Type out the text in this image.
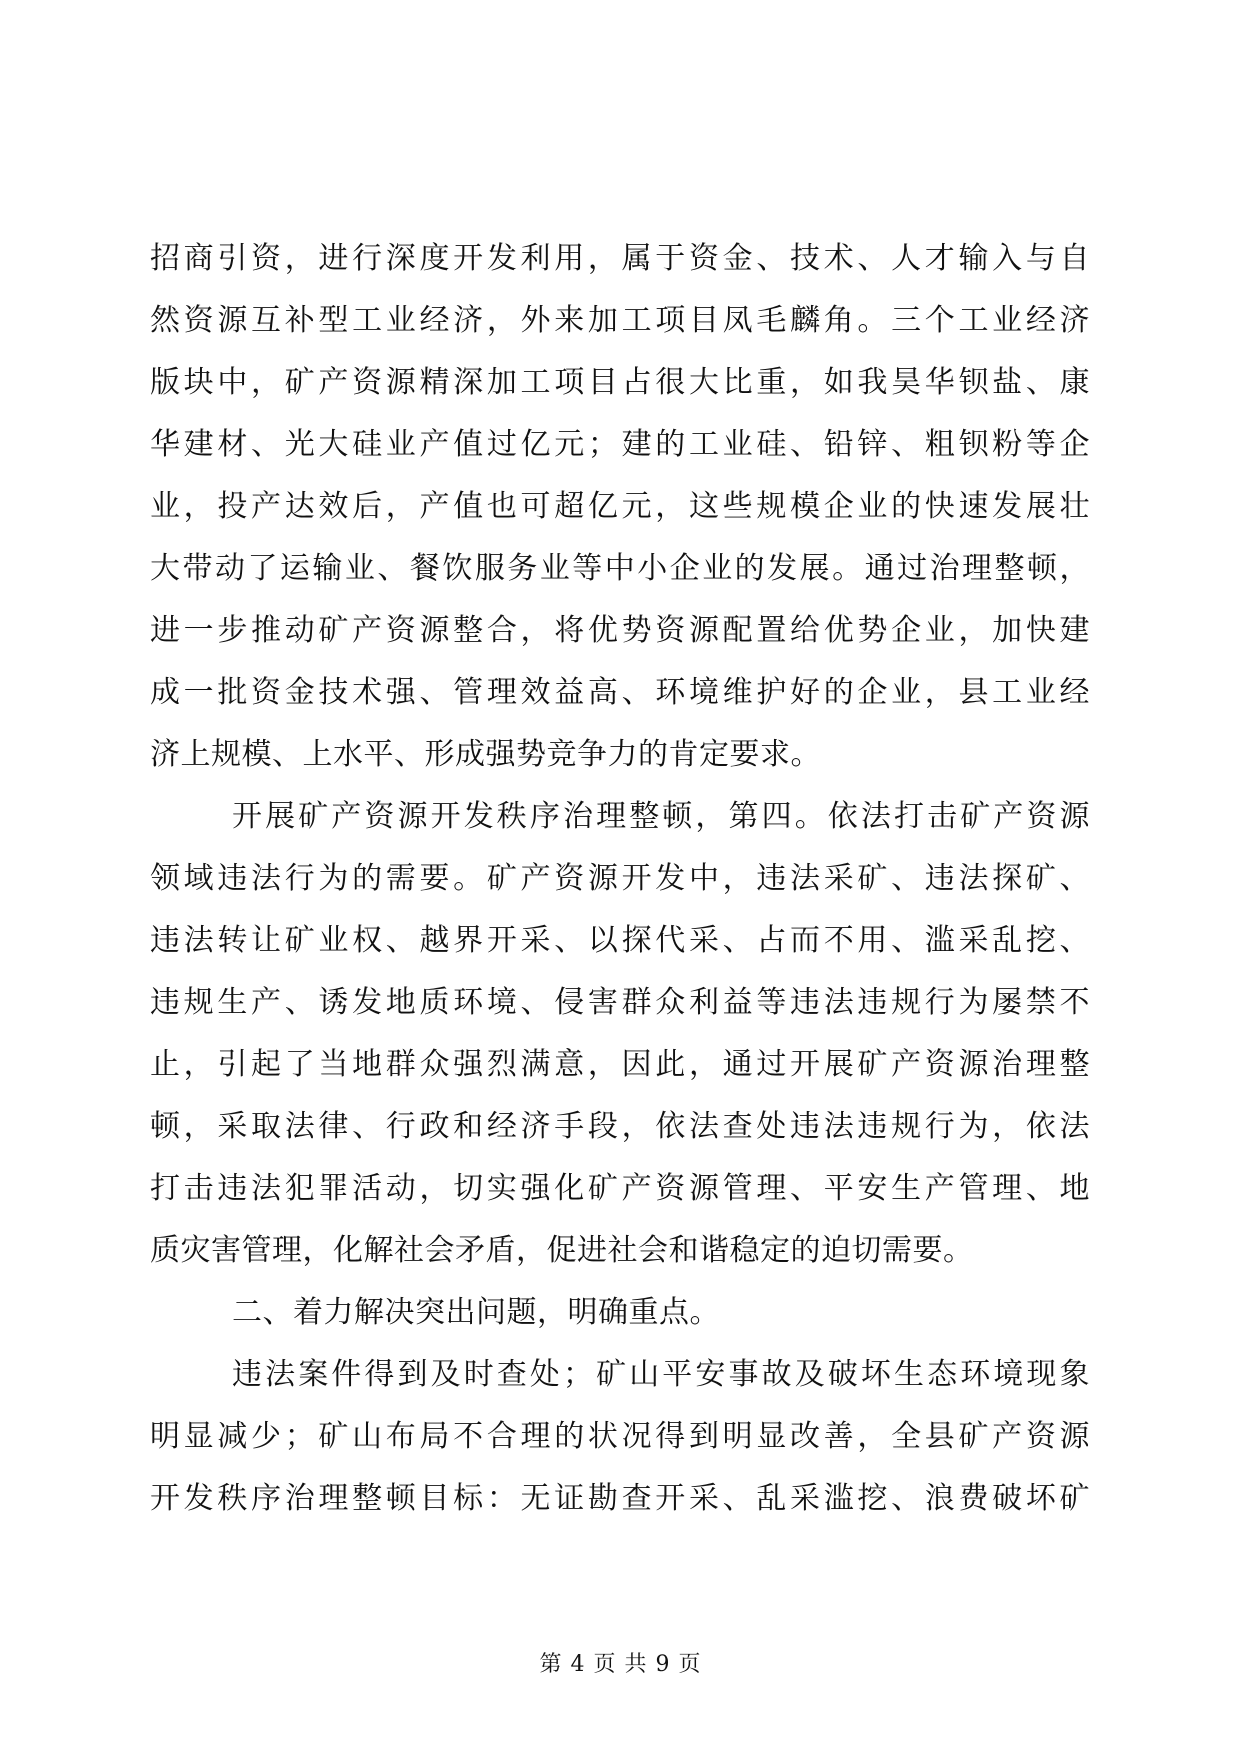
招商引资，进行深度开发利用，属于资金、技术、人才输入与自
然资源互补型工业经济，外来加工项目凤毛麟角。三个工业经济
版块中，矿产资源精深加工项目占很大比重，如我昊华钡盐、康
华建材、光大硅业产值过亿元；建的工业硅、铅锌、粗钡粉等企
业，投产达效后，产值也可超亿元，这些规模企业的快速发展壮
大带动了运输业、餐饮服务业等中小企业的发展。通过治理整顿，
进一步推动矿产资源整合，将优势资源配置给优势企业，加快建
成一批资金技术强、管理效益高、环境维护好的企业，县工业经
济上规模、上水平、形成强势竞争力的肯定要求。
开展矿产资源开发秩序治理整顿，第四。依法打击矿产资源
领域违法行为的需要。矿产资源开发中，违法采矿、违法探矿、
违法转让矿业权、越界开采、以探代采、占而不用、滥采乱挖、
违规生产、诱发地质环境、侵害群众利益等违法违规行为屡禁不
止，引起了当地群众强烈满意，因此，通过开展矿产资源治理整
顿，采取法律、行政和经济手段，依法查处违法违规行为，依法
打击违法犯罪活动，切实强化矿产资源管理、平安生产管理、地
质灾害管理，化解社会矛盾，促进社会和谐稳定的迫切需要。
二、着力解决突出问题，明确重点。
违法案件得到及时查处；矿山平安事故及破坏生态环境现象
明显减少；矿山布局不合理的状况得到明显改善，全县矿产资源
开发秩序治理整顿目标：无证勘查开采、乱采滥挖、浪费破坏矿
第 4 页 共 9 页
